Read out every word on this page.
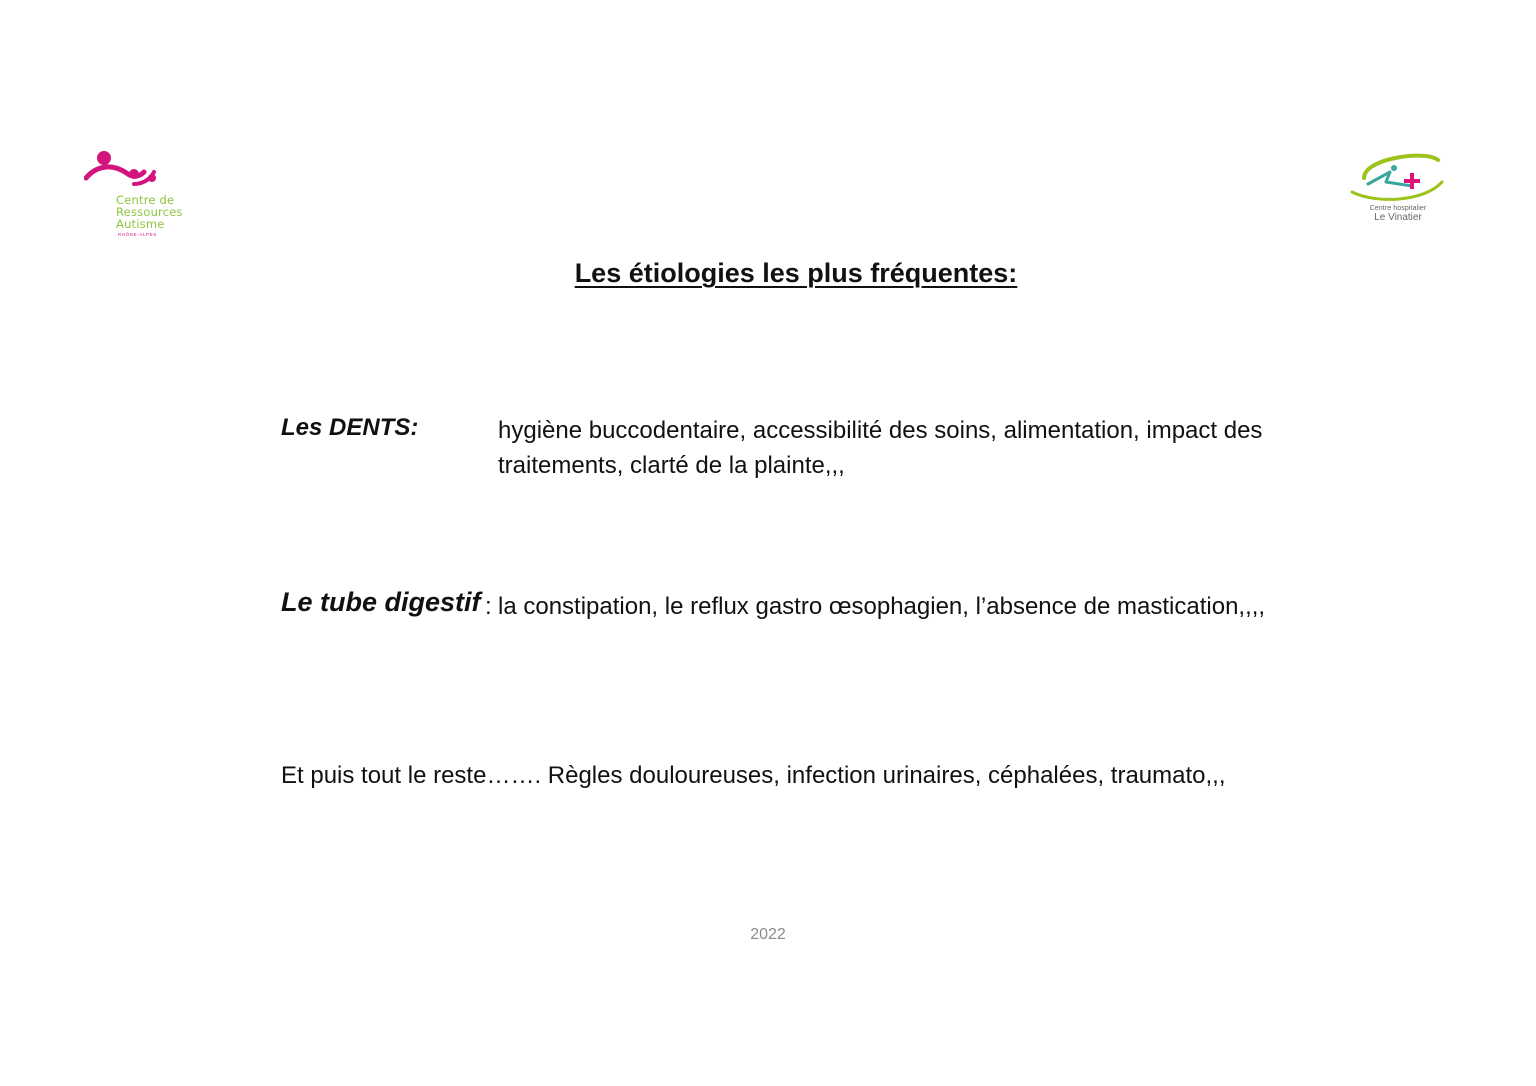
Centre de
Ressources
Autisme
RHÔNE-ALPES
Centre hospitalier
Le Vinatier
Les étiologies les plus fréquentes:
Les DENTS:	hygiène buccodentaire, accessibilité des soins, alimentation, impact des traitements, clarté de la plainte,,,
Le tube digestif : la constipation, le reflux gastro œsophagien, l’absence de mastication,,,,
Et puis tout le reste……. Règles douloureuses, infection urinaires, céphalées, traumato,,,
2022
